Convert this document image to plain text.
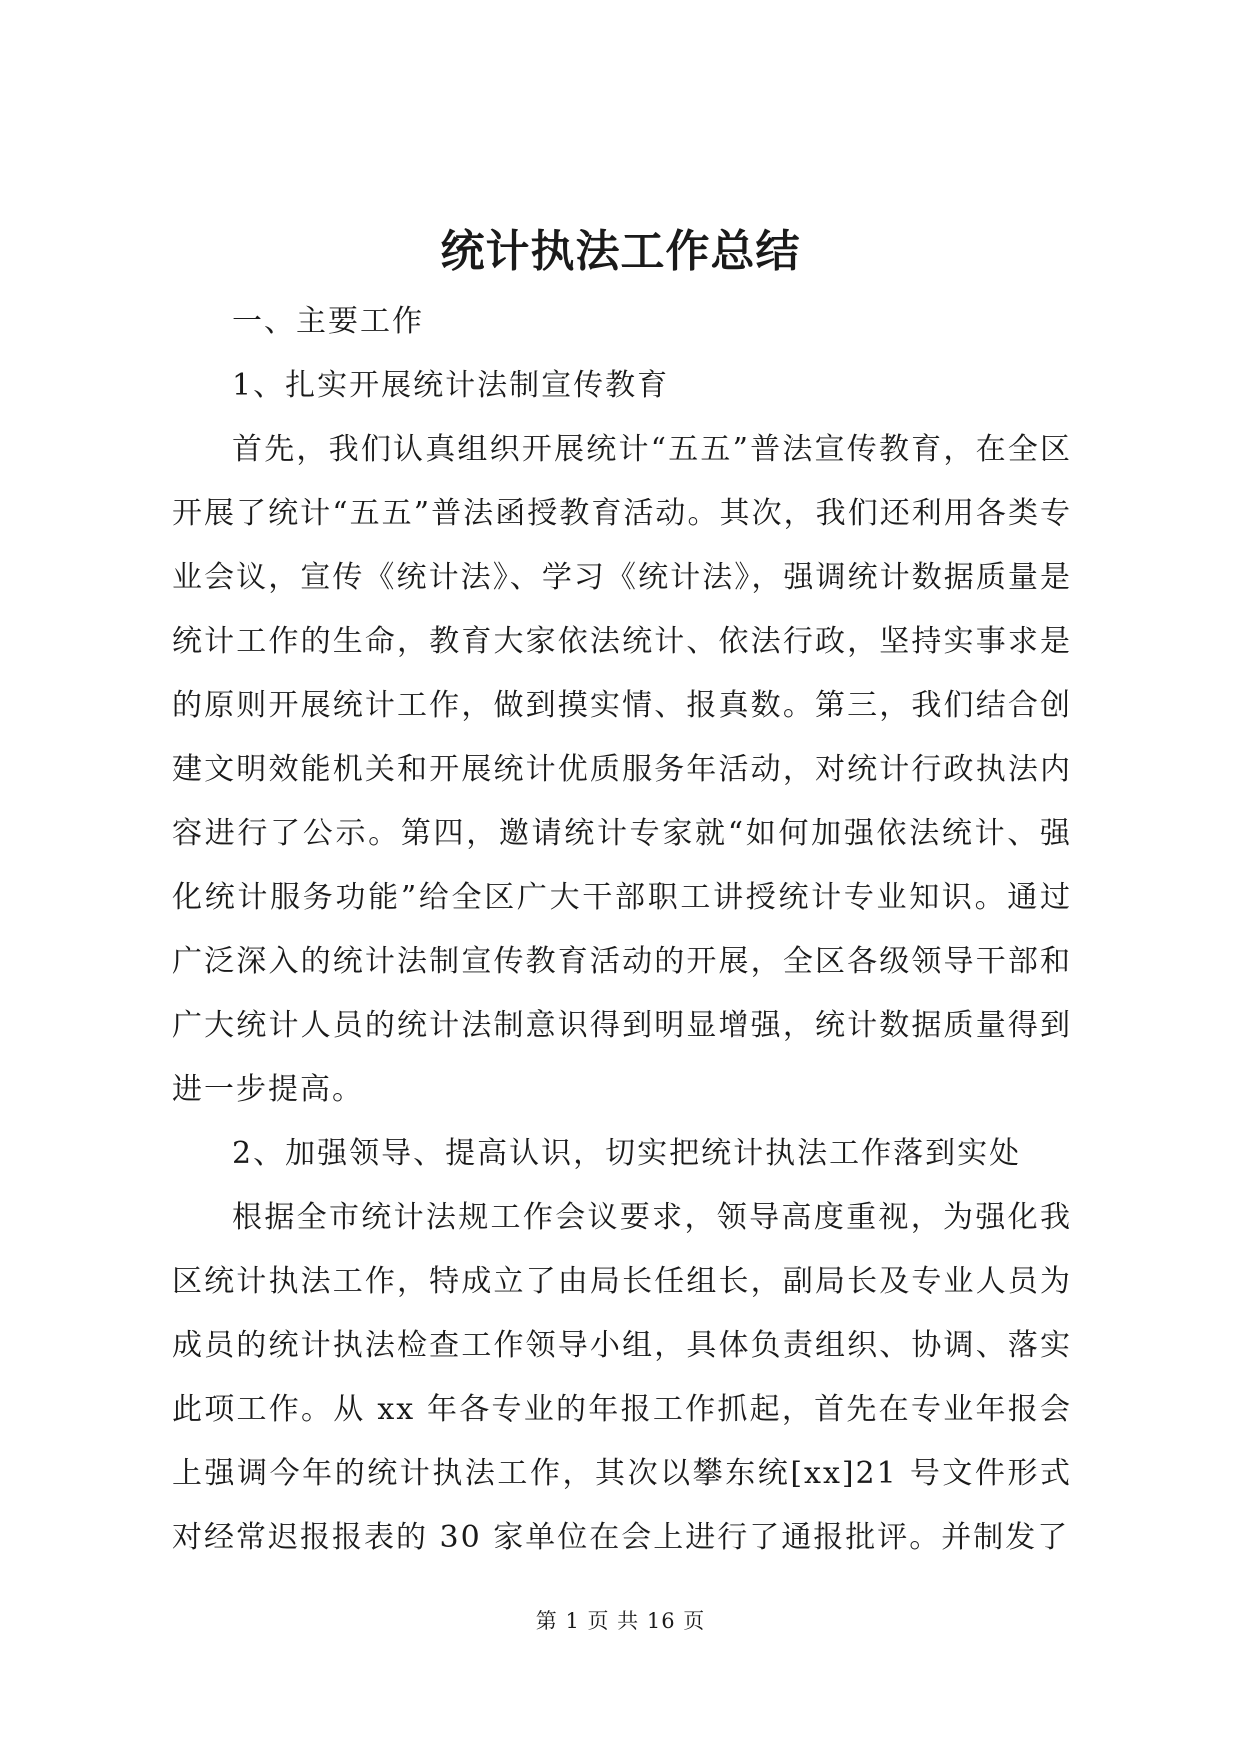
统计执法工作总结

一、主要工作

1、扎实开展统计法制宣传教育

首先，我们认真组织开展统计“五五”普法宣传教育，在全区开展了统计“五五”普法函授教育活动。其次，我们还利用各类专业会议，宣传《统计法》、学习《统计法》，强调统计数据质量是统计工作的生命，教育大家依法统计、依法行政，坚持实事求是的原则开展统计工作，做到摸实情、报真数。第三，我们结合创建文明效能机关和开展统计优质服务年活动，对统计行政执法内容进行了公示。第四，邀请统计专家就“如何加强依法统计、强化统计服务功能”给全区广大干部职工讲授统计专业知识。通过广泛深入的统计法制宣传教育活动的开展，全区各级领导干部和广大统计人员的统计法制意识得到明显增强，统计数据质量得到进一步提高。

2、加强领导、提高认识，切实把统计执法工作落到实处

根据全市统计法规工作会议要求，领导高度重视，为强化我区统计执法工作，特成立了由局长任组长，副局长及专业人员为成员的统计执法检查工作领导小组，具体负责组织、协调、落实此项工作。从 xx 年各专业的年报工作抓起，首先在专业年报会上强调今年的统计执法工作，其次以攀东统[xx]21 号文件形式对经常迟报报表的 30 家单位在会上进行了通报批评。并制发了

第 1 页 共 16 页
